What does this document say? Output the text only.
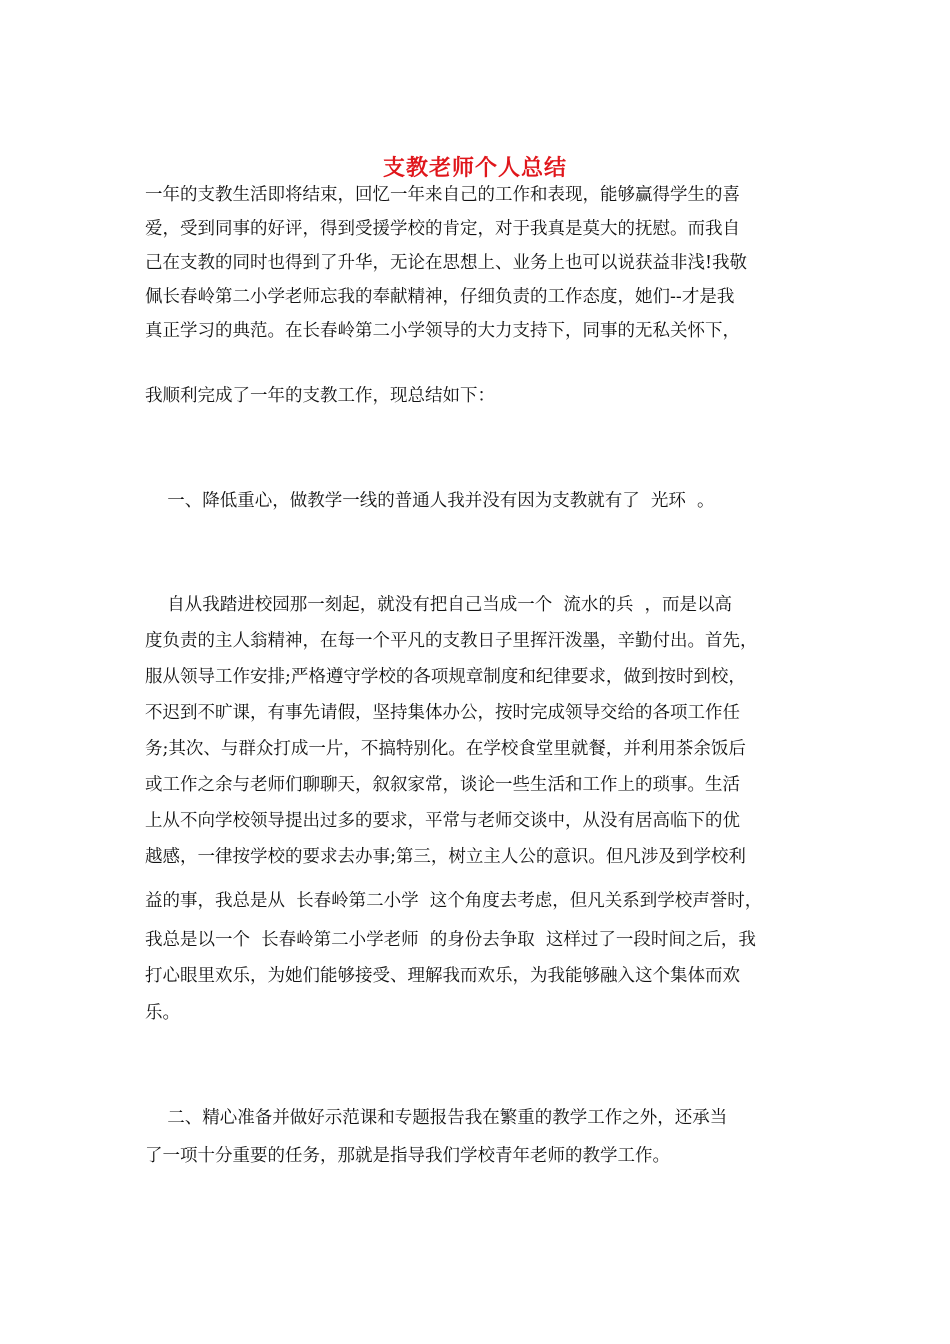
支教老师个人总结
一年的支教生活即将结束，回忆一年来自己的工作和表现，能够赢得学生的喜
爱，受到同事的好评，得到受援学校的肯定，对于我真是莫大的抚慰。而我自
己在支教的同时也得到了升华，无论在思想上、业务上也可以说获益非浅!我敬
佩长春岭第二小学老师忘我的奉献精神，仔细负责的工作态度，她们--才是我
真正学习的典范。在长春岭第二小学领导的大力支持下，同事的无私关怀下，
我顺利完成了一年的支教工作，现总结如下：
一、降低重心，做教学一线的普通人我并没有因为支教就有了  光环  。
自从我踏进校园那一刻起，就没有把自己当成一个  流水的兵  ，而是以高
度负责的主人翁精神，在每一个平凡的支教日子里挥汗泼墨，辛勤付出。首先，
服从领导工作安排;严格遵守学校的各项规章制度和纪律要求，做到按时到校，
不迟到不旷课，有事先请假，坚持集体办公，按时完成领导交给的各项工作任
务;其次、与群众打成一片，不搞特别化。在学校食堂里就餐，并利用茶余饭后
或工作之余与老师们聊聊天，叙叙家常，谈论一些生活和工作上的琐事。生活
上从不向学校领导提出过多的要求，平常与老师交谈中，从没有居高临下的优
越感，一律按学校的要求去办事;第三，树立主人公的意识。但凡涉及到学校利
益的事，我总是从  长春岭第二小学  这个角度去考虑，但凡关系到学校声誉时，
我总是以一个  长春岭第二小学老师  的身份去争取  这样过了一段时间之后，我
打心眼里欢乐，为她们能够接受、理解我而欢乐，为我能够融入这个集体而欢
乐。
二、精心准备并做好示范课和专题报告我在繁重的教学工作之外，还承当
了一项十分重要的任务，那就是指导我们学校青年老师的教学工作。
